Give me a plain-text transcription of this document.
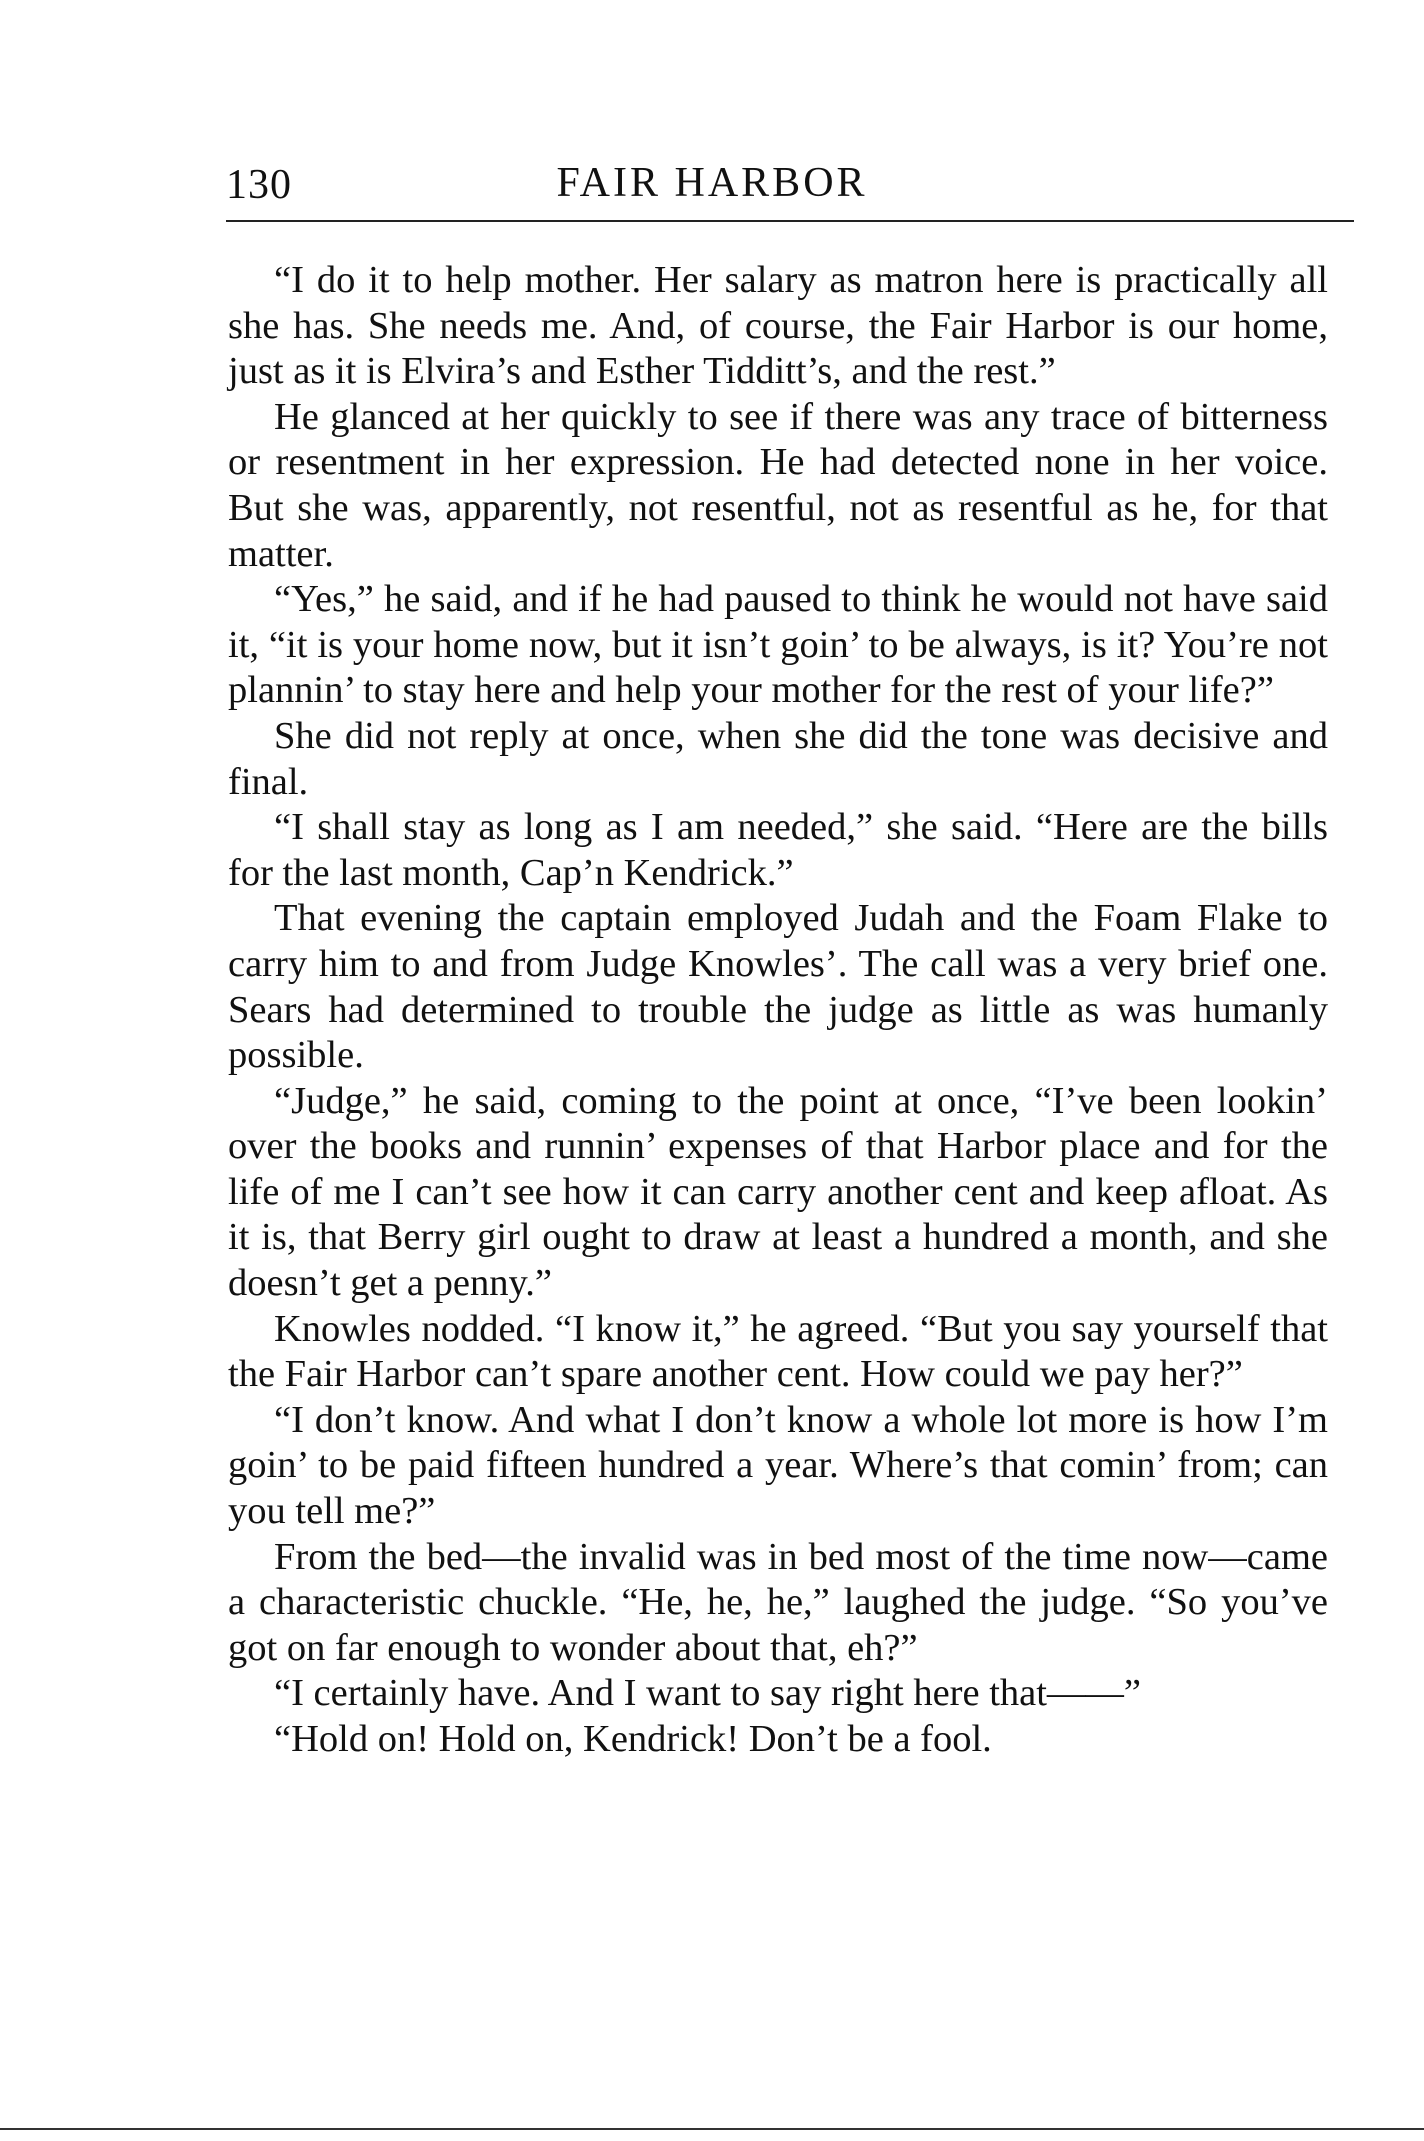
130	FAIR HARBOR

“I do it to help mother. Her salary as matron here is practically all she has. She needs me. And, of course, the Fair Harbor is our home, just as it is Elvira’s and Esther Tidditt’s, and the rest.”

He glanced at her quickly to see if there was any trace of bitterness or resentment in her expression. He had detected none in her voice. But she was, apparently, not resentful, not as resentful as he, for that matter.

“Yes,” he said, and if he had paused to think he would not have said it, “it is your home now, but it isn’t goin’ to be always, is it? You’re not plannin’ to stay here and help your mother for the rest of your life?”

She did not reply at once, when she did the tone was decisive and final.

“I shall stay as long as I am needed,” she said. “Here are the bills for the last month, Cap’n Kendrick.”

That evening the captain employed Judah and the Foam Flake to carry him to and from Judge Knowles’. The call was a very brief one. Sears had determined to trouble the judge as little as was humanly possible.

“Judge,” he said, coming to the point at once, “I’ve been lookin’ over the books and runnin’ expenses of that Harbor place and for the life of me I can’t see how it can carry another cent and keep afloat. As it is, that Berry girl ought to draw at least a hundred a month, and she doesn’t get a penny.”

Knowles nodded. “I know it,” he agreed. “But you say yourself that the Fair Harbor can’t spare another cent. How could we pay her?”

“I don’t know. And what I don’t know a whole lot more is how I’m goin’ to be paid fifteen hundred a year. Where’s that comin’ from; can you tell me?”

From the bed—the invalid was in bed most of the time now—came a characteristic chuckle. “He, he, he,” laughed the judge. “So you’ve got on far enough to wonder about that, eh?”

“I certainly have. And I want to say right here that——”

“Hold on! Hold on, Kendrick! Don’t be a fool.
